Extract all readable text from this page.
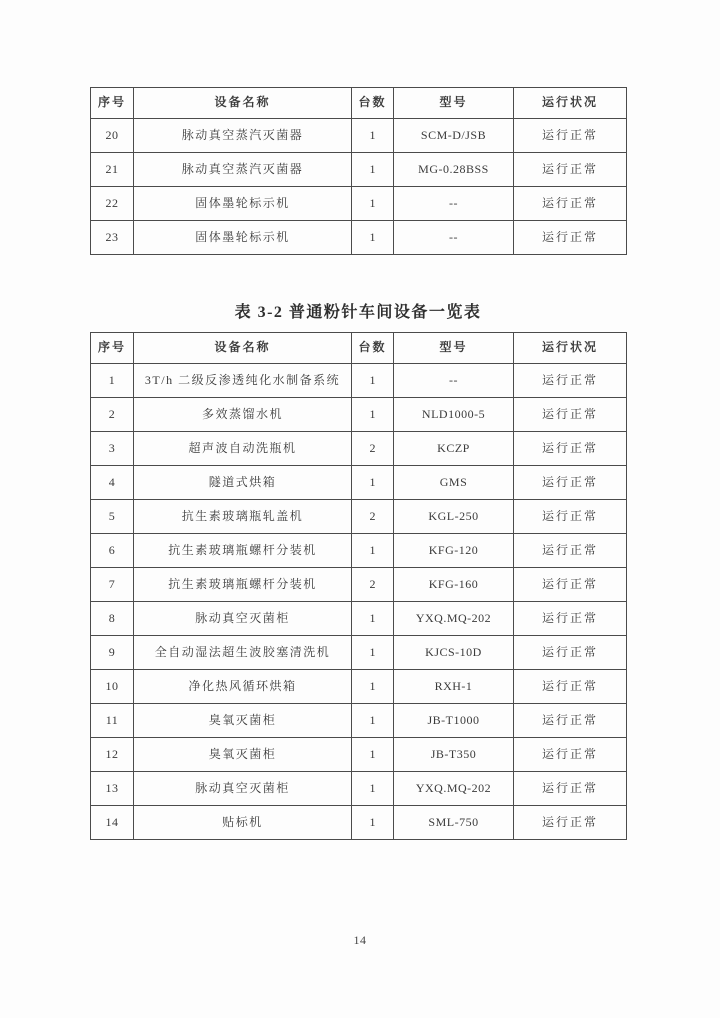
序号	设备名称	台数	型号	运行状况
20	脉动真空蒸汽灭菌器	1	SCM-D/JSB	运行正常
21	脉动真空蒸汽灭菌器	1	MG-0.28BSS	运行正常
22	固体墨轮标示机	1	--	运行正常
23	固体墨轮标示机	1	--	运行正常
表 3-2 普通粉针车间设备一览表
序号	设备名称	台数	型号	运行状况
1	3T/h 二级反渗透纯化水制备系统	1	--	运行正常
2	多效蒸馏水机	1	NLD1000-5	运行正常
3	超声波自动洗瓶机	2	KCZP	运行正常
4	隧道式烘箱	1	GMS	运行正常
5	抗生素玻璃瓶轧盖机	2	KGL-250	运行正常
6	抗生素玻璃瓶螺杆分装机	1	KFG-120	运行正常
7	抗生素玻璃瓶螺杆分装机	2	KFG-160	运行正常
8	脉动真空灭菌柜	1	YXQ.MQ-202	运行正常
9	全自动湿法超生波胶塞清洗机	1	KJCS-10D	运行正常
10	净化热风循环烘箱	1	RXH-1	运行正常
11	臭氧灭菌柜	1	JB-T1000	运行正常
12	臭氧灭菌柜	1	JB-T350	运行正常
13	脉动真空灭菌柜	1	YXQ.MQ-202	运行正常
14	贴标机	1	SML-750	运行正常
14
